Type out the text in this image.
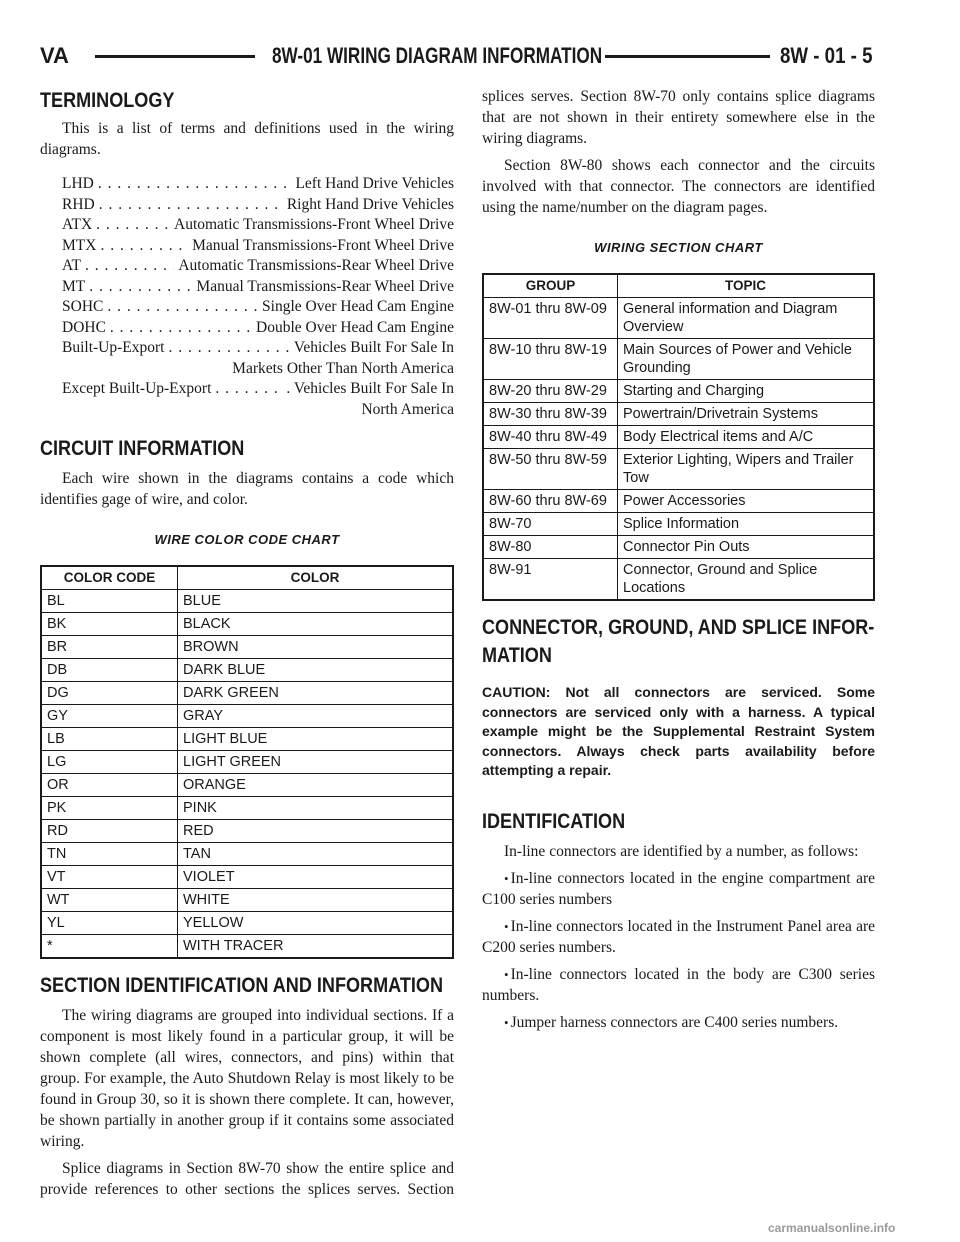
VA	8W-01 WIRING DIAGRAM INFORMATION	8W - 01 - 5
TERMINOLOGY

This is a list of terms and definitions used in the wiring diagrams.

LHD . . .	Left Hand Drive Vehicles
RHD . . .	Right Hand Drive Vehicles
ATX . . .	Automatic Transmissions-Front Wheel Drive
MTX . . .	Manual Transmissions-Front Wheel Drive
AT . . .	Automatic Transmissions-Rear Wheel Drive
MT . . .	Manual Transmissions-Rear Wheel Drive
SOHC . . .	Single Over Head Cam Engine
DOHC . . .	Double Over Head Cam Engine
Built-Up-Export . . .	Vehicles Built For Sale In
Markets Other Than North America
Except Built-Up-Export . . .	. Vehicles Built For Sale In
North America
CIRCUIT INFORMATION

Each wire shown in the diagrams contains a code which identifies gage of wire, and color.

WIRE COLOR CODE CHART

COLOR CODE	COLOR
BL	BLUE
BK	BLACK
BR	BROWN
DB	DARK BLUE
DG	DARK GREEN
GY	GRAY
LB	LIGHT BLUE
LG	LIGHT GREEN
OR	ORANGE
PK	PINK
RD	RED
TN	TAN
VT	VIOLET
WT	WHITE
YL	YELLOW
*	WITH TRACER
SECTION IDENTIFICATION AND INFORMATION

The wiring diagrams are grouped into individual sections. If a component is most likely found in a particular group, it will be shown complete (all wires, connectors, and pins) within that group. For example, the Auto Shutdown Relay is most likely to be found in Group 30, so it is shown there complete. It can, however, be shown partially in another group if it contains some associated wiring.

Splice diagrams in Section 8W-70 show the entire splice and provide references to other sections the splices serves. Section

splices serves. Section 8W-70 only contains splice diagrams that are not shown in their entirety somewhere else in the wiring diagrams.

Section 8W-80 shows each connector and the circuits involved with that connector. The connectors are identified using the name/number on the diagram pages.

WIRING SECTION CHART

GROUP	TOPIC
8W-01 thru 8W-09	General information and Diagram Overview
8W-10 thru 8W-19	Main Sources of Power and Vehicle Grounding
8W-20 thru 8W-29	Starting and Charging
8W-30 thru 8W-39	Powertrain/Drivetrain Systems
8W-40 thru 8W-49	Body Electrical items and A/C
8W-50 thru 8W-59	Exterior Lighting, Wipers and Trailer Tow
8W-60 thru 8W-69	Power Accessories
8W-70	Splice Information
8W-80	Connector Pin Outs
8W-91	Connector, Ground and Splice Locations
CONNECTOR, GROUND, AND SPLICE INFOR-
MATION

CAUTION: Not all connectors are serviced. Some connectors are serviced only with a harness. A typical example might be the Supplemental Restraint System connectors. Always check parts availability before attempting a repair.

IDENTIFICATION

In-line connectors are identified by a number, as follows:

• In-line connectors located in the engine compartment are C100 series numbers

• In-line connectors located in the Instrument Panel area are C200 series numbers.

• In-line connectors located in the body are C300 series numbers.

• Jumper harness connectors are C400 series numbers.

carmanualsonline.info
